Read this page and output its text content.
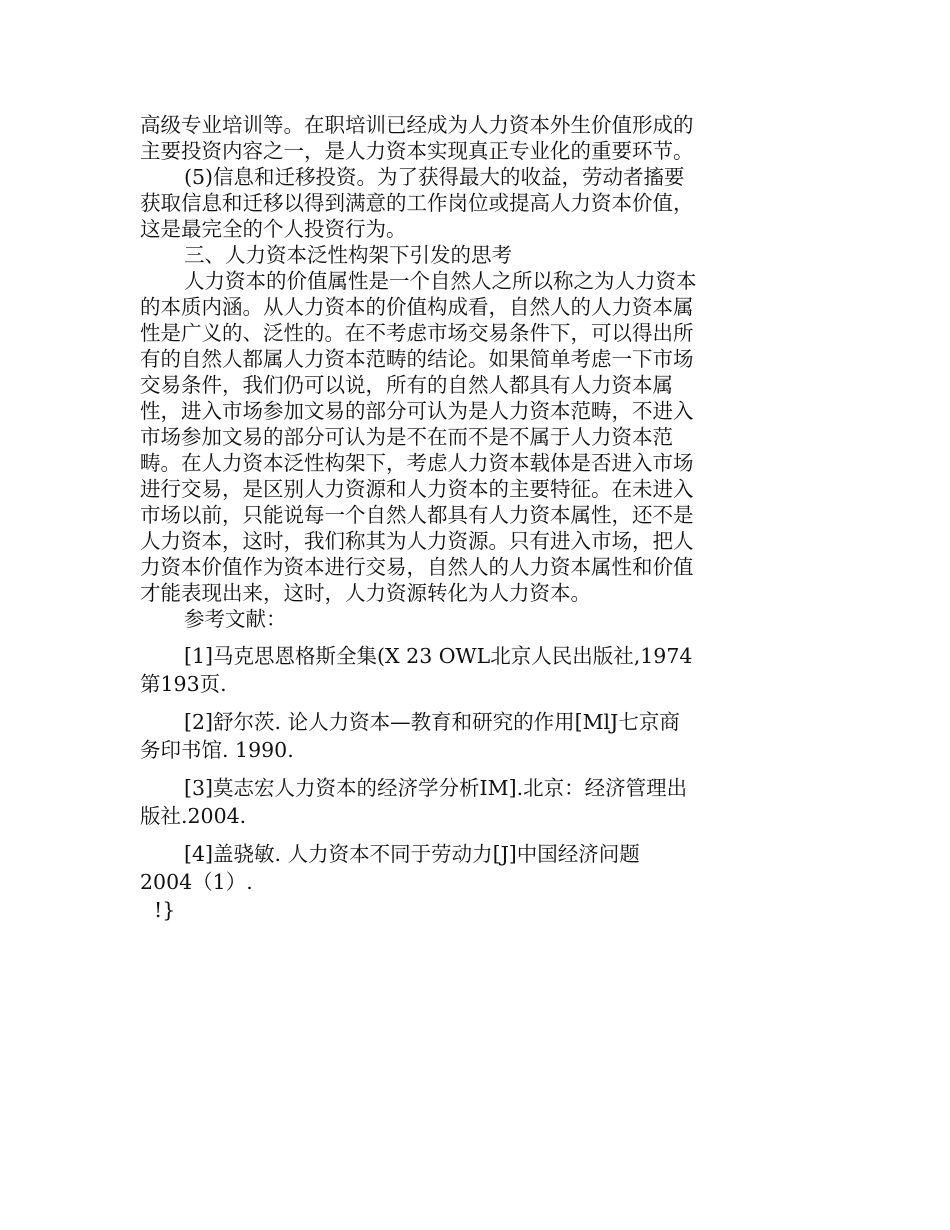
高级专业培训等。在职培训已经成为人力资本外生价值形成的
主要投资内容之一，是人力资本实现真正专业化的重要环节。
(5)信息和迁移投资。为了获得最大的收益，劳动者搐要
获取信息和迁移以得到满意的工作岗位或提高人力资本价值，
这是最完全的个人投资行为。
三、人力资本泛性构架下引发的思考
人力资本的价值属性是一个自然人之所以称之为人力资本
的本质内涵。从人力资本的价值构成看，自然人的人力资本属
性是广义的、泛性的。在不考虑市场交易条件下，可以得出所
有的自然人都属人力资本范畴的结论。如果简单考虑一下市场
交易条件，我们仍可以说，所有的自然人都具有人力资本属
性，进入市场参加文易的部分可认为是人力资本范畴，不进入
市场参加文易的部分可认为是不在而不是不属于人力资本范
畴。在人力资本泛性构架下，考虑人力资本载体是否进入市场
进行交易，是区别人力资源和人力资本的主要特征。在未进入
市场以前，只能说每一个自然人都具有人力资本属性，还不是
人力资本，这时，我们称其为人力资源。只有进入市场，把人
力资本价值作为资本进行交易，自然人的人力资本属性和价值
才能表现出来，这时，人力资源转化为人力资本。
参考文献：
[1]马克思恩格斯全集(X 23 OWL北京人民出版社,1974
第193页.
[2]舒尔茨. 论人力资本—教育和研究的作用[MlJ七京商
务印书馆. 1990.
[3]莫志宏人力资本的经济学分析IM].北京：经济管理出
版社.2004.
[4]盖骁敏. 人力资本不同于劳动力[J]中国经济问题
2004（1）.
!}
